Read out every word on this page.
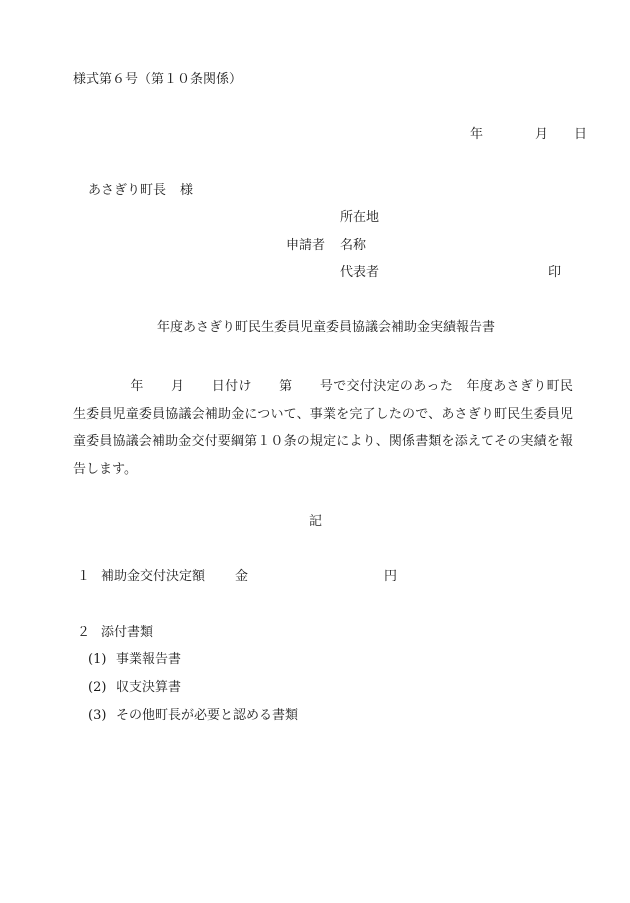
様式第６号（第１０条関係）
年	月 日
あさぎり町長 様
所在地
申請者 名称
代表者	印
年度あさぎり町民生委員児童委員協議会補助金実績報告書
年 月 日付け 第 号で交付決定のあった　年度あさぎり町民生委員児童委員協議会補助金について、事業を完了したので、あさぎり町民生委員児童委員協議会補助金交付要綱第１０条の規定により、関係書類を添えてその実績を報告します。
記
１ 補助金交付決定額 金	円
２ 添付書類
(1) 事業報告書
(2) 収支決算書
(3) その他町長が必要と認める書類
